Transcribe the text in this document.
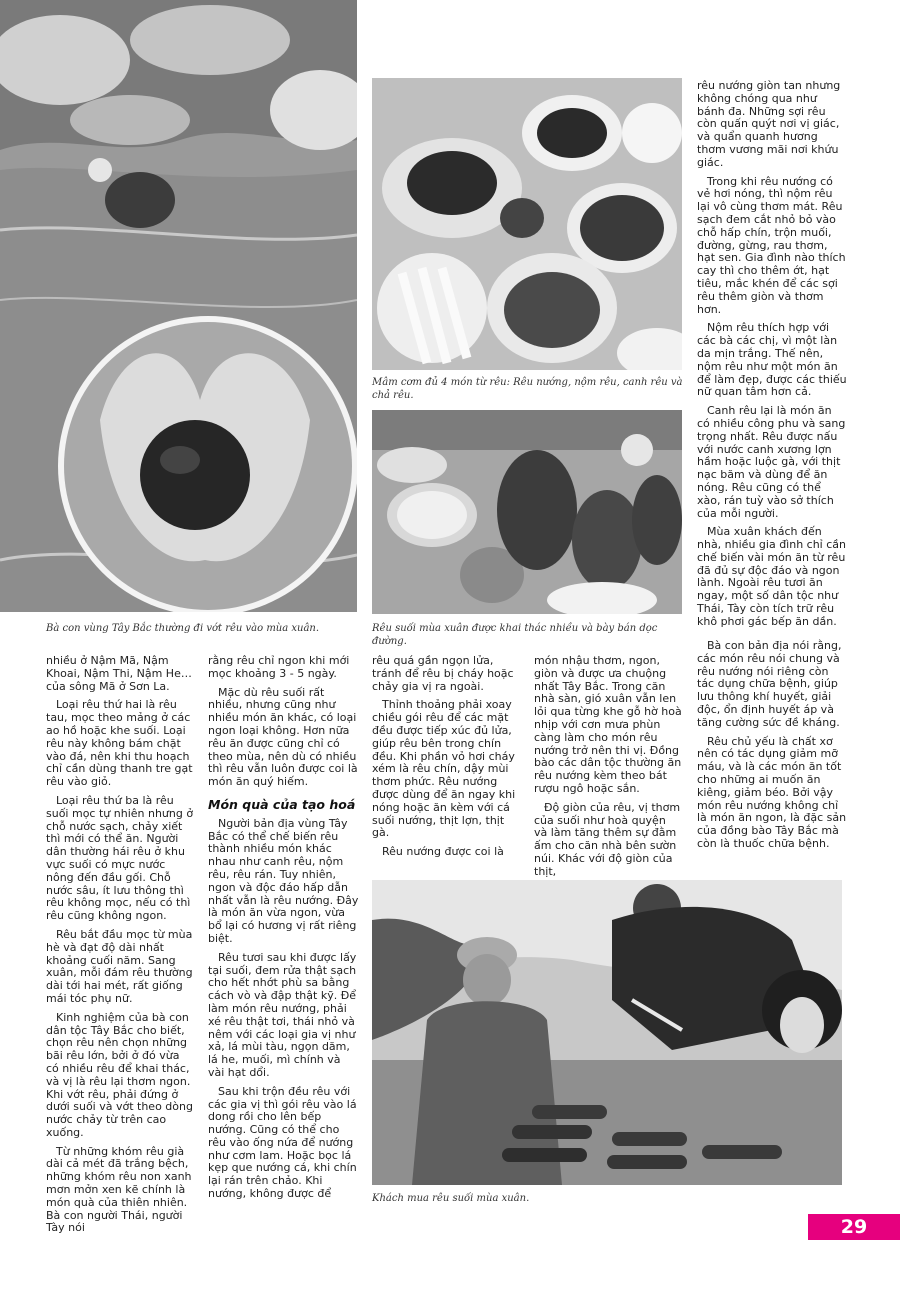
Mâm cơm đủ 4 món từ rêu: Rêu nướng, nộm rêu, canh rêu và chả rêu.
Rêu suối mùa xuân được khai thác nhiều và bày bán dọc đường.
Bà con vùng Tây Bắc thường đi vớt rêu vào mùa xuân.
Khách mua rêu suối mùa xuân.

nhiều ở Nậm Mã, Nậm Khoai, Nậm Thi, Nậm He… của sông Mã ở Sơn La.

Loại rêu thứ hai là rêu tau, mọc theo mảng ở các ao hồ hoặc khe suối. Loại rêu này không bám chặt vào đá, nên khi thu hoạch chỉ cần dùng thanh tre gạt rêu vào giỏ.

Loại rêu thứ ba là rêu suối mọc tự nhiên nhưng ở chỗ nước sạch, chảy xiết thì mới có thể ăn. Người dân thường hái rêu ở khu vực suối có mực nước nông đến đầu gối. Chỗ nước sâu, ít lưu thông thì rêu không mọc, nếu có thì rêu cũng không ngon.

Rêu bắt đầu mọc từ mùa hè và đạt độ dài nhất khoảng cuối năm. Sang xuân, mỗi đám rêu thường dài tới hai mét, rất giống mái tóc phụ nữ.

Kinh nghiệm của bà con dân tộc Tây Bắc cho biết, chọn rêu nên chọn những bãi rêu lớn, bởi ở đó vừa có nhiều rêu để khai thác, và vị là rêu lại thơm ngon. Khi vớt rêu, phải đứng ở dưới suối và vớt theo dòng nước chảy từ trên cao xuống.

Từ những khóm rêu già dài cả mét đã trắng bệch, những khóm rêu non xanh mơn mởn xen kẽ chính là món quà của thiên nhiên. Bà con người Thái, người Tày nói

rằng rêu chỉ ngon khi mới mọc khoảng 3 - 5 ngày.

Mặc dù rêu suối rất nhiều, nhưng cũng như nhiều món ăn khác, có loại ngon loại không. Hơn nữa rêu ăn được cũng chỉ có theo mùa, nên dù có nhiều thì rêu vẫn luôn được coi là món ăn quý hiếm.

Món quà của tạo hoá

Người bản địa vùng Tây Bắc có thể chế biến rêu thành nhiều món khác nhau như canh rêu, nộm rêu, rêu rán. Tuy nhiên, ngon và độc đáo hấp dẫn nhất vẫn là rêu nướng. Đây là món ăn vừa ngon, vừa bổ lại có hương vị rất riêng biệt.

Rêu tươi sau khi được lấy tại suối, đem rửa thật sạch cho hết nhớt phù sa bằng cách vò và đập thật kỹ. Để làm món rêu nướng, phải xé rêu thật tơi, thái nhỏ và nêm với các loại gia vị như xả, lá mùi tàu, ngọn dăm, lá he, muối, mì chính và vài hạt dổi.

Sau khi trộn đều rêu với các gia vị thì gói rêu vào lá dong rồi cho lên bếp nướng. Cũng có thể cho rêu vào ống nứa để nướng như cơm lam. Hoặc bọc lá kẹp que nướng cá, khi chín lại rán trên chảo. Khi nướng, không được để

rêu quá gần ngọn lửa, tránh để rêu bị cháy hoặc chảy gia vị ra ngoài.

Thỉnh thoảng phải xoay chiều gói rêu để các mặt đều được tiếp xúc đủ lửa, giúp rêu bên trong chín đều. Khi phần vỏ hơi cháy xém là rêu chín, dậy mùi thơm phức. Rêu nướng được dùng để ăn ngay khi nóng hoặc ăn kèm với cá suối nướng, thịt lợn, thịt gà.

Rêu nướng được coi là

món nhậu thơm, ngon, giòn và được ưa chuộng nhất Tây Bắc. Trong căn nhà sàn, gió xuân vẫn len lỏi qua từng khe gỗ hờ hoà nhịp với cơn mưa phùn càng làm cho món rêu nướng trở nên thi vị. Đồng bào các dân tộc thường ăn rêu nướng kèm theo bát rượu ngô hoặc sắn.

Độ giòn của rêu, vị thơm của suối như hoà quyện và làm tăng thêm sự đằm ấm cho căn nhà bên sườn núi. Khác với độ giòn của thịt,

rêu nướng giòn tan nhưng không chóng qua như bánh đa. Những sợi rêu còn quấn quýt nơi vị giác, và quẩn quanh hương thơm vương mãi nơi khứu giác.

Trong khi rêu nướng có vẻ hơi nóng, thì nộm rêu lại vô cùng thơm mát. Rêu sạch đem cắt nhỏ bỏ vào chỗ hấp chín, trộn muối, đường, gừng, rau thơm, hạt sen. Gia đình nào thích cay thì cho thêm ớt, hạt tiêu, mắc khén để các sợi rêu thêm giòn và thơm hơn.

Nộm rêu thích hợp với các bà các chị, vì một làn da mịn trắng. Thế nên, nộm rêu như một món ăn để làm đẹp, được các thiếu nữ quan tâm hơn cả.

Canh rêu lại là món ăn có nhiều công phu và sang trọng nhất. Rêu được nấu với nước canh xương lợn hầm hoặc luộc gà, với thịt nạc băm và dùng để ăn nóng. Rêu cũng có thể xào, rán tuỳ vào sở thích của mỗi người.

Mùa xuân khách đến nhà, nhiều gia đình chỉ cần chế biến vài món ăn từ rêu đã đủ sự độc đáo và ngon lành. Ngoài rêu tươi ăn ngay, một số dân tộc như Thái, Tày còn tích trữ rêu khô phơi gác bếp ăn dần.

Bà con bản địa nói rằng, các món rêu nói chung và rêu nướng nói riêng còn tác dụng chữa bệnh, giúp lưu thông khí huyết, giải độc, ổn định huyết áp và tăng cường sức đề kháng.

Rêu chủ yếu là chất xơ nên có tác dụng giảm mỡ máu, và là các món ăn tốt cho những ai muốn ăn kiêng, giảm béo. Bởi vậy món rêu nướng không chỉ là món ăn ngon, là đặc sản của đồng bào Tây Bắc mà còn là thuốc chữa bệnh.

29
